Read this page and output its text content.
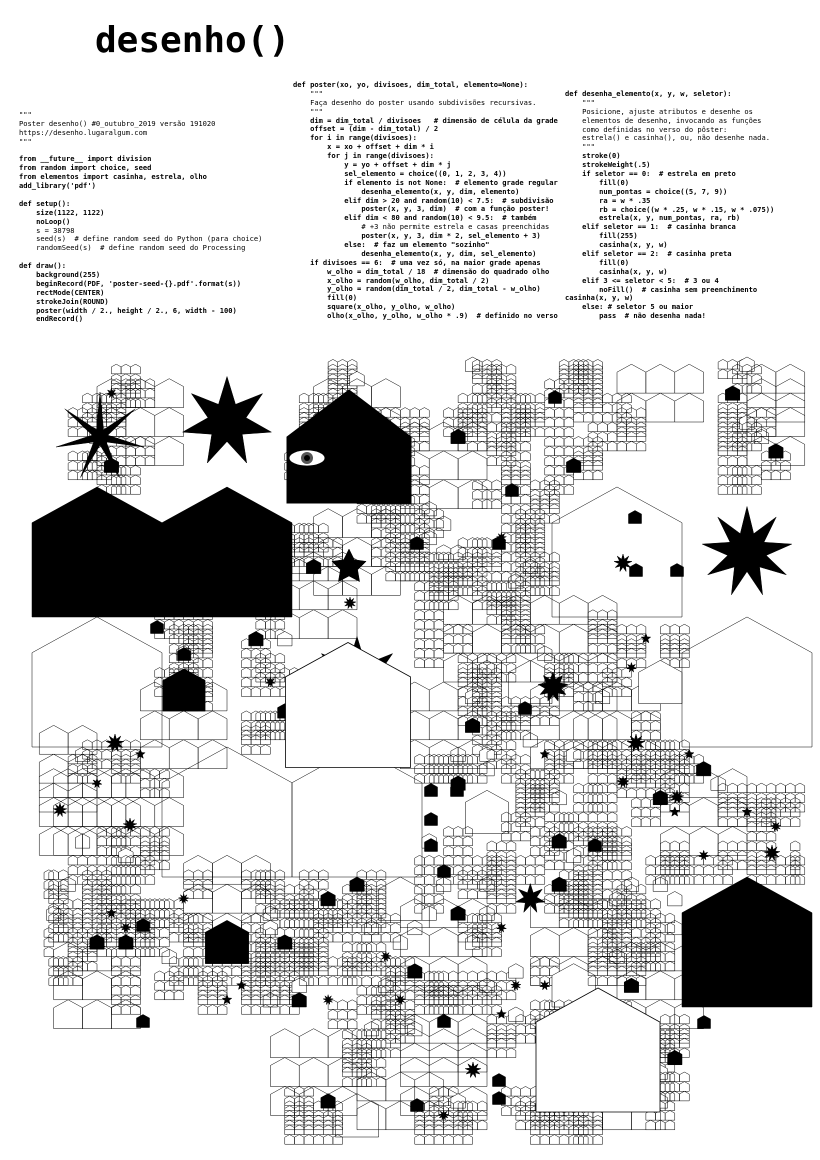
desenho()
"""
Poster desenho() #0_outubro_2019 versão 191020
https://desenho.lugaralgum.com
"""

from __future__ import division
from random import choice, seed
from elementos import casinha, estrela, olho
add_library('pdf')

def setup():
size(1122, 1122)
noLoop()
s = 38798
seed(s)  # define random seed do Python (para choice)
randomSeed(s)  # define random seed do Processing

def draw():
background(255)
beginRecord(PDF, 'poster-seed-{}.pdf'.format(s))
rectMode(CENTER)
strokeJoin(ROUND)
poster(width / 2., height / 2., 6, width - 100)
endRecord()
def poster(xo, yo, divisoes, dim_total, elemento=None):
"""
Faça desenho do poster usando subdivisões recursivas.
"""
dim = dim_total / divisoes   # dimensão de célula da grade
offset = (dim - dim_total) / 2
for i in range(divisoes):
x = xo + offset + dim * i
for j in range(divisoes):
y = yo + offset + dim * j
sel_elemento = choice((0, 1, 2, 3, 4))
if elemento is not None:  # elemento grade regular
desenha_elemento(x, y, dim, elemento)
elif dim > 20 and random(10) < 7.5:  # subdivisão
poster(x, y, 3, dim)  # com a função poster!
elif dim < 80 and random(10) < 9.5:  # também
# +3 não permite estrela e casas preenchidas
poster(x, y, 3, dim * 2, sel_elemento + 3)
else:  # faz um elemento "sozinho"
desenha_elemento(x, y, dim, sel_elemento)
if divisoes == 6:  # uma vez só, na maior grade apenas
w_olho = dim_total / 18  # dimensão do quadrado olho
x_olho = random(w_olho, dim_total / 2)
y_olho = random(dim_total / 2, dim_total - w_olho)
fill(0)
square(x_olho, y_olho, w_olho)
olho(x_olho, y_olho, w_olho * .9)  # definido no verso
def desenha_elemento(x, y, w, seletor):
"""
Posicione, ajuste atributos e desenhe os
elementos de desenho, invocando as funções
como definidas no verso do pôster:
estrela() e casinha(), ou, não desenhe nada.
"""
stroke(0)
strokeWeight(.5)
if seletor == 0:  # estrela em preto
fill(0)
num_pontas = choice((5, 7, 9))
ra = w * .35
rb = choice((w * .25, w * .15, w * .075))
estrela(x, y, num_pontas, ra, rb)
elif seletor == 1:  # casinha branca
fill(255)
casinha(x, y, w)
elif seletor == 2:  # casinha preta
fill(0)
casinha(x, y, w)
elif 3 <= seletor < 5:  # 3 ou 4
noFill()  # casinha sem preenchimento
casinha(x, y, w)
else: # seletor 5 ou maior
pass  # não desenha nada!
